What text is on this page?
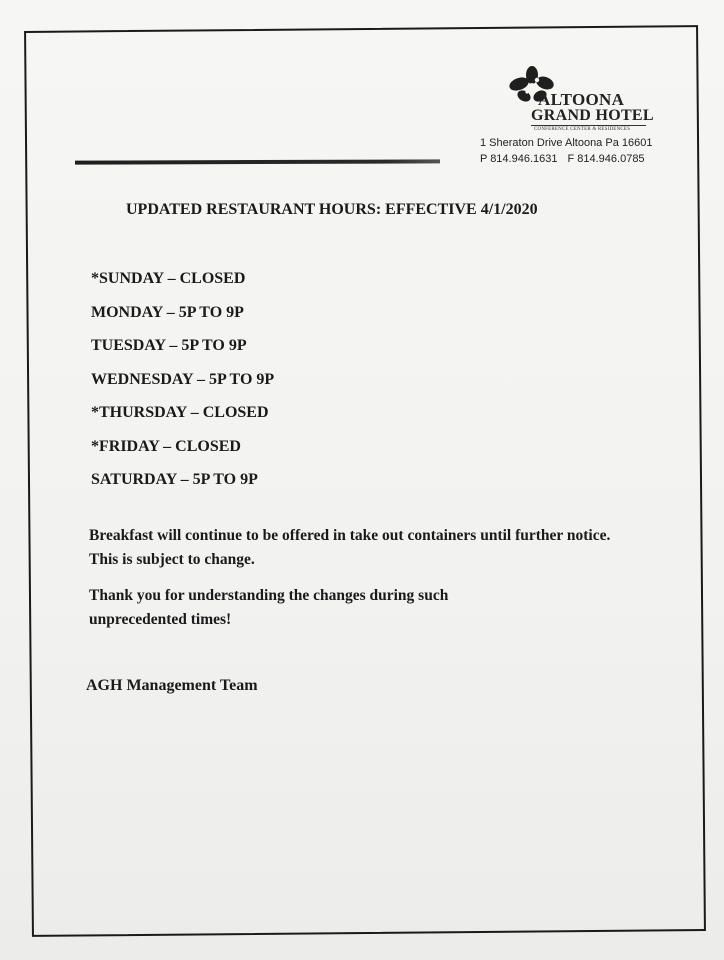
ALTOONA
GRAND HOTEL
CONFERENCE CENTER & RESIDENCES
1 Sheraton Drive Altoona Pa 16601
P 814.946.1631 F 814.946.0785
UPDATED RESTAURANT HOURS: EFFECTIVE 4/1/2020
*SUNDAY – CLOSED
MONDAY – 5P TO 9P
TUESDAY – 5P TO 9P
WEDNESDAY – 5P TO 9P
*THURSDAY – CLOSED
*FRIDAY – CLOSED
SATURDAY – 5P TO 9P
Breakfast will continue to be offered in take out containers until further notice. This is subject to change.
Thank you for understanding the changes during such unprecedented times!
AGH Management Team
